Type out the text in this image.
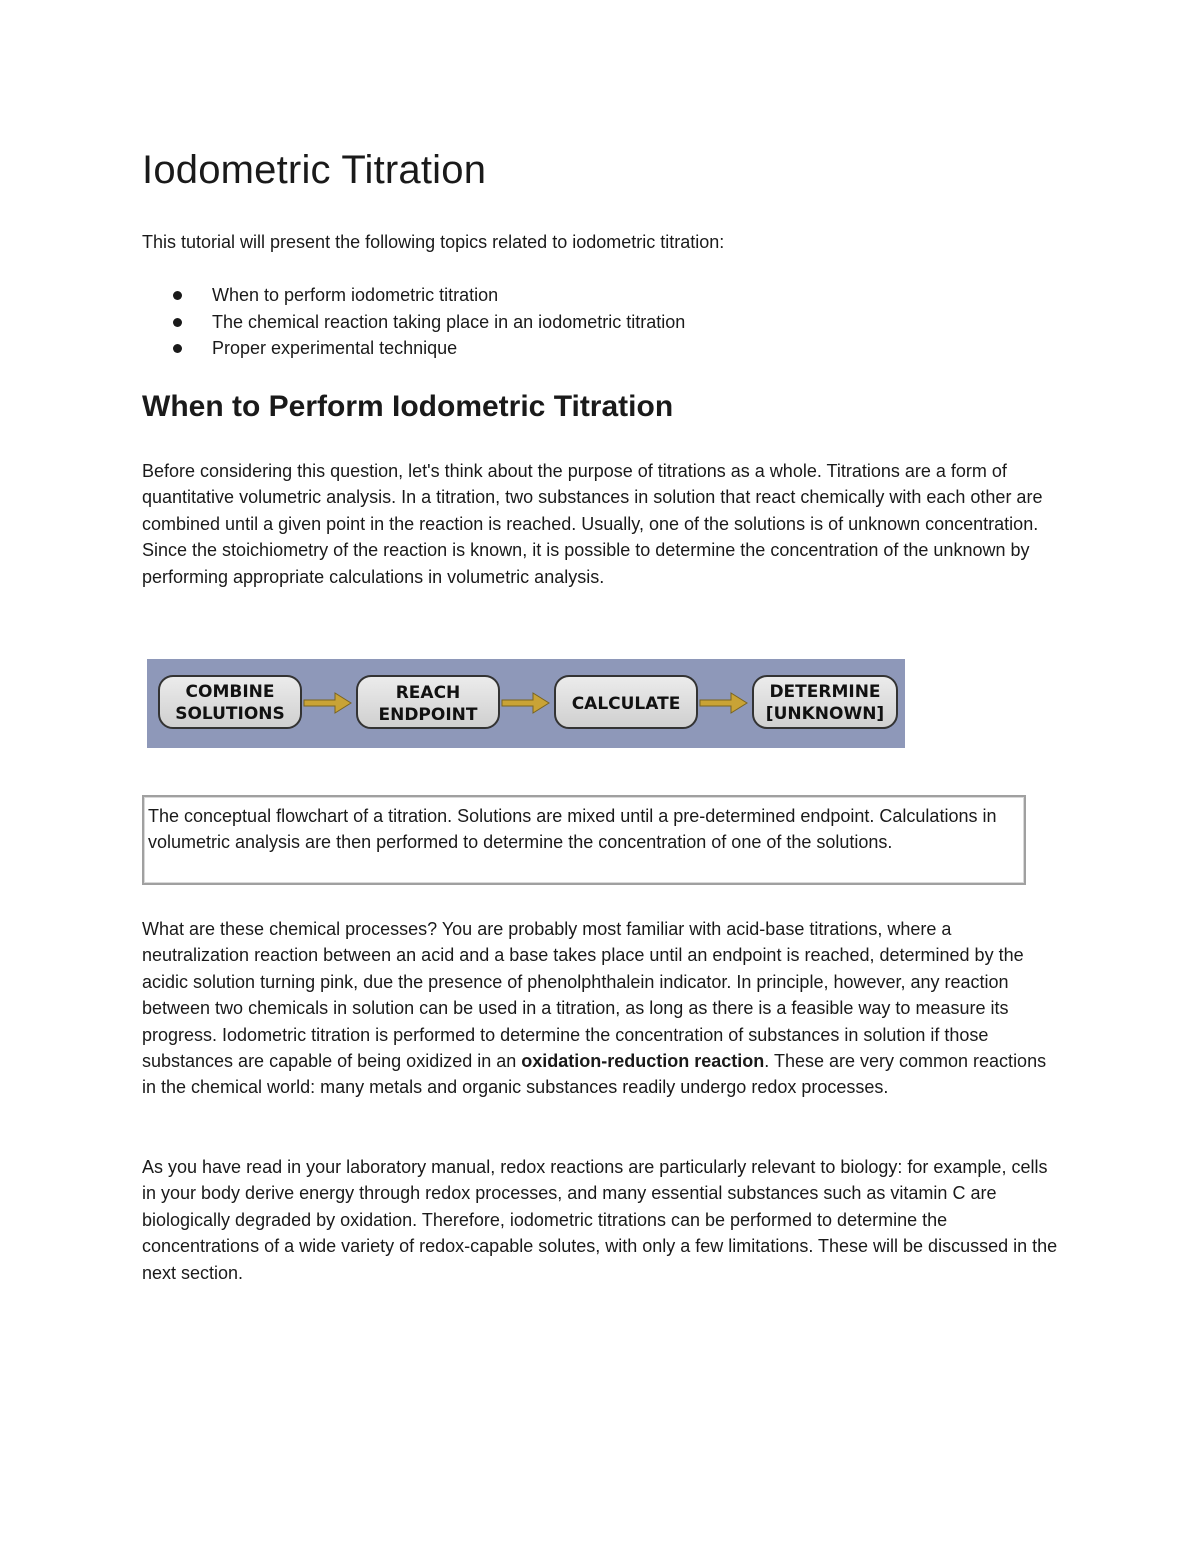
Iodometric Titration

This tutorial will present the following topics related to iodometric titration:

When to perform iodometric titration
The chemical reaction taking place in an iodometric titration
Proper experimental technique
When to Perform Iodometric Titration

Before considering this question, let's think about the purpose of titrations as a whole. Titrations are a form of quantitative volumetric analysis. In a titration, two substances in solution that react chemically with each other are combined until a given point in the reaction is reached. Usually, one of the solutions is of unknown concentration. Since the stoichiometry of the reaction is known, it is possible to determine the concentration of the unknown by performing appropriate calculations in volumetric analysis.

COMBINE
SOLUTIONS
REACH
ENDPOINT
CALCULATE
DETERMINE
[UNKNOWN]
The conceptual flowchart of a titration. Solutions are mixed until a pre-determined endpoint. Calculations in volumetric analysis are then performed to determine the concentration of one of the solutions.

What are these chemical processes? You are probably most familiar with acid-base titrations, where a neutralization reaction between an acid and a base takes place until an endpoint is reached, determined by the acidic solution turning pink, due the presence of phenolphthalein indicator. In principle, however, any reaction between two chemicals in solution can be used in a titration, as long as there is a feasible way to measure its progress. Iodometric titration is performed to determine the concentration of substances in solution if those substances are capable of being oxidized in an oxidation-reduction reaction. These are very common reactions in the chemical world: many metals and organic substances readily undergo redox processes.

As you have read in your laboratory manual, redox reactions are particularly relevant to biology: for example, cells in your body derive energy through redox processes, and many essential substances such as vitamin C are biologically degraded by oxidation. Therefore, iodometric titrations can be performed to determine the concentrations of a wide variety of redox-capable solutes, with only a few limitations. These will be discussed in the next section.
